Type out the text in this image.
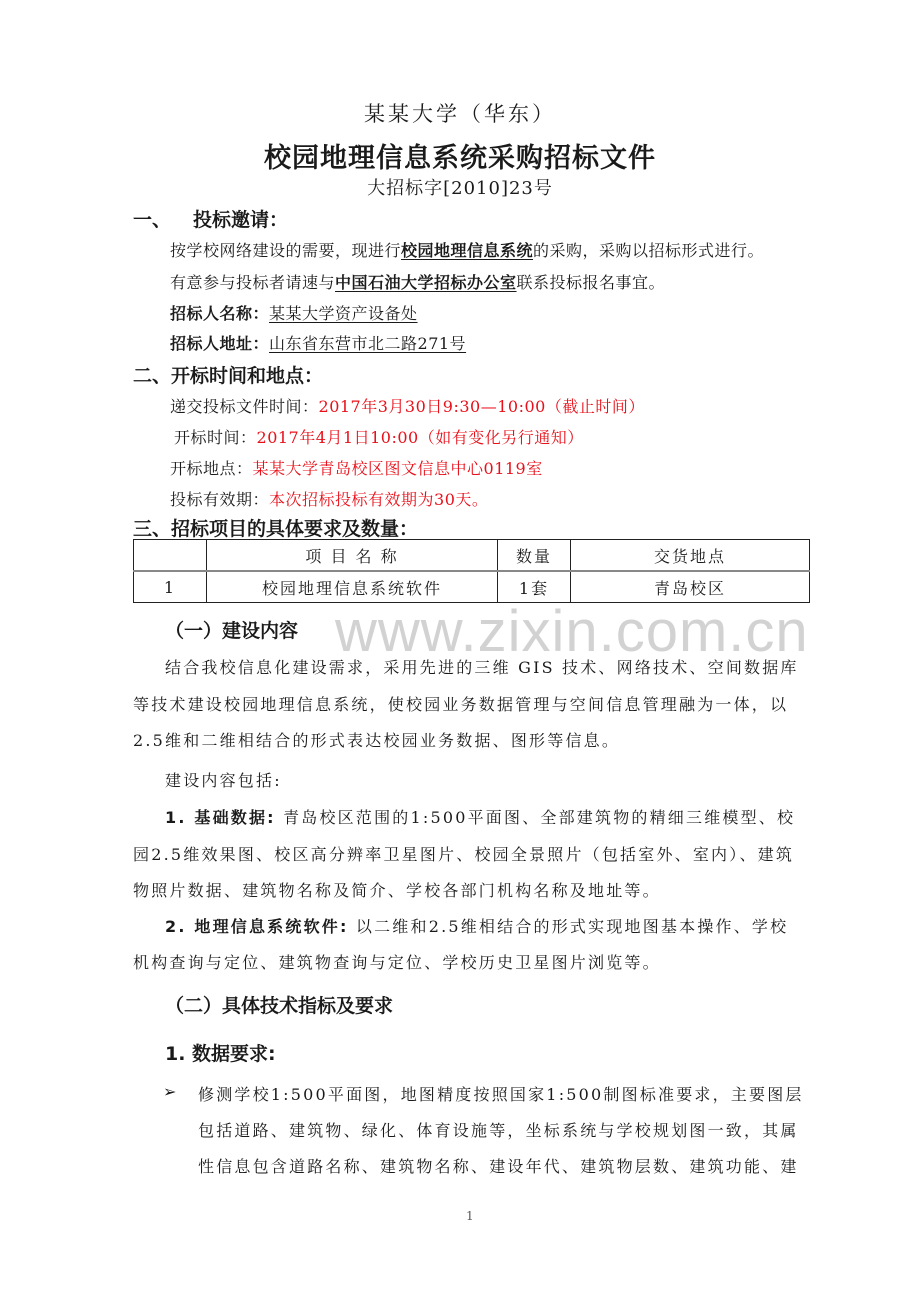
某某大学（华东）
校园地理信息系统采购招标文件
大招标字[2010]23号
一、 投标邀请：
按学校网络建设的需要，现进行校园地理信息系统的采购，采购以招标形式进行。
有意参与投标者请速与中国石油大学招标办公室联系投标报名事宜。
招标人名称：某某大学资产设备处
招标人地址：山东省东营市北二路271号
二、开标时间和地点：
递交投标文件时间：2017年3月30日9:30—10:00（截止时间）
开标时间：2017年4月1日10:00（如有变化另行通知）
开标地点：某某大学青岛校区图文信息中心0119室
投标有效期：本次招标投标有效期为30天。
三、招标项目的具体要求及数量：
	项 目 名 称	数量	交货地点
1	校园地理信息系统软件	1套	青岛校区
www.zixin.com.cn
（一）建设内容
结合我校信息化建设需求，采用先进的三维 GIS 技术、网络技术、空间数据库
等技术建设校园地理信息系统，使校园业务数据管理与空间信息管理融为一体，以
2.5维和二维相结合的形式表达校园业务数据、图形等信息。
建设内容包括:
1. 基础数据: 青岛校区范围的1:500平面图、全部建筑物的精细三维模型、校
园2.5维效果图、校区高分辨率卫星图片、校园全景照片（包括室外、室内）、建筑
物照片数据、建筑物名称及简介、学校各部门机构名称及地址等。
2. 地理信息系统软件: 以二维和2.5维相结合的形式实现地图基本操作、学校
机构查询与定位、建筑物查询与定位、学校历史卫星图片浏览等。
（二）具体技术指标及要求
1. 数据要求:
➢ 修测学校1:500平面图，地图精度按照国家1:500制图标准要求，主要图层
包括道路、建筑物、绿化、体育设施等，坐标系统与学校规划图一致，其属
性信息包含道路名称、建筑物名称、建设年代、建筑物层数、建筑功能、建
1
